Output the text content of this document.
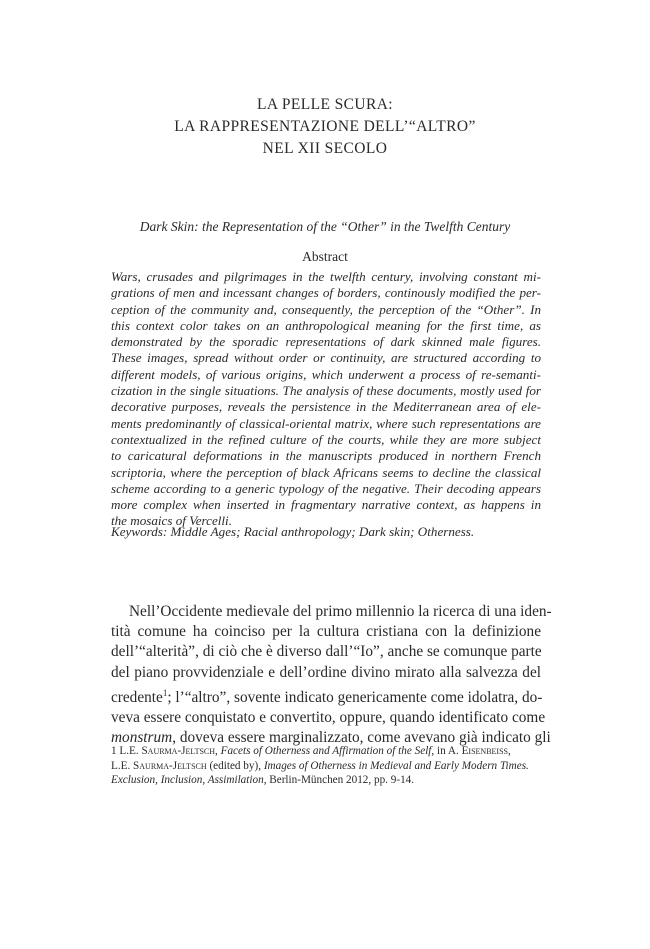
LA PELLE SCURA:
LA RAPPRESENTAZIONE DELL’“ALTRO”
NEL XII SECOLO
Dark Skin: the Representation of the “Other” in the Twelfth Century
Abstract
Wars, crusades and pilgrimages in the twelfth century, involving constant mi-
grations of men and incessant changes of borders, continously modified the per-
ception of the community and, consequently, the perception of the “Other”. In
this context color takes on an anthropological meaning for the first time, as
demonstrated by the sporadic representations of dark skinned male figures.
These images, spread without order or continuity, are structured according to
different models, of various origins, which underwent a process of re-semanti-
cization in the single situations. The analysis of these documents, mostly used for
decorative purposes, reveals the persistence in the Mediterranean area of ele-
ments predominantly of classical-oriental matrix, where such representations are
contextualized in the refined culture of the courts, while they are more subject
to caricatural deformations in the manuscripts produced in northern French
scriptoria, where the perception of black Africans seems to decline the classical
scheme according to a generic typology of the negative. Their decoding appears
more complex when inserted in fragmentary narrative context, as happens in
the mosaics of Vercelli.
Keywords: Middle Ages; Racial anthropology; Dark skin; Otherness.
Nell’Occidente medievale del primo millennio la ricerca di una iden-
tità comune ha coinciso per la cultura cristiana con la definizione
dell’“alterità”, di ciò che è diverso dall’“Io”, anche se comunque parte
del piano provvidenziale e dell’ordine divino mirato alla salvezza del
credente$^1$; l’“altro”, sovente indicato genericamente come idolatra, do-
veva essere conquistato e convertito, oppure, quando identificato come
monstrum, doveva essere marginalizzato, come avevano già indicato gli
1 L.E. Saurma-Jeltsch, Facets of Otherness and Affirmation of the Self, in A. Eisenbeiss,
L.E. Saurma-Jeltsch (edited by), Images of Otherness in Medieval and Early Modern Times.
Exclusion, Inclusion, Assimilation, Berlin-München 2012, pp. 9-14.
